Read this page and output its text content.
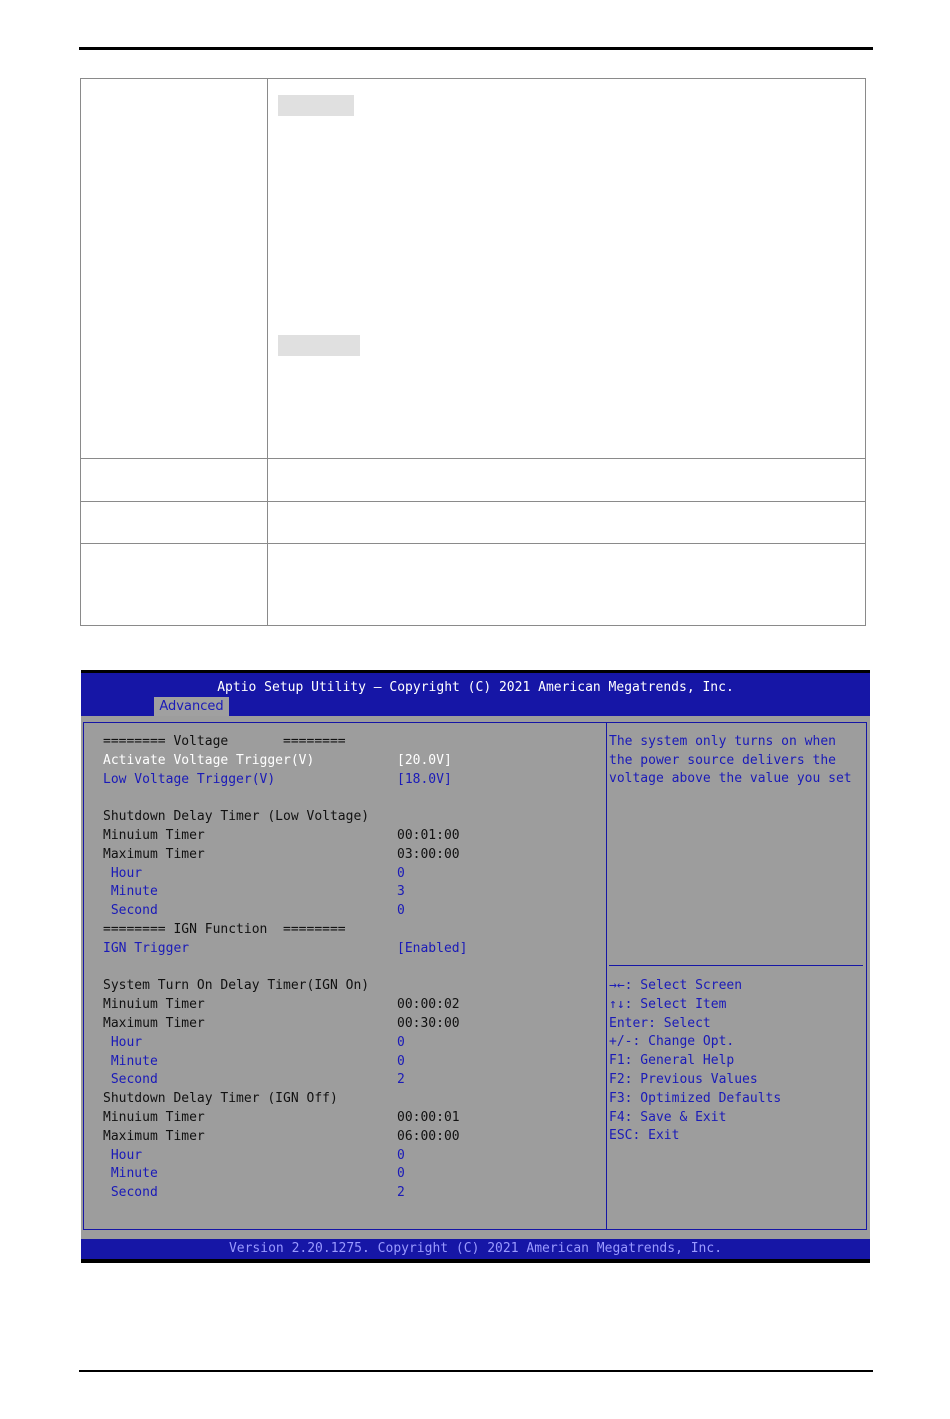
Aptio Setup Utility – Copyright (C) 2021 American Megatrends, Inc.
Advanced
======== Voltage       ========
Activate Voltage Trigger(V)	[20.0V]
Low Voltage Trigger(V)	[18.0V]
Shutdown Delay Timer (Low Voltage)
Minuium Timer	00:01:00
Maximum Timer	03:00:00
Hour	0
Minute	3
Second	0
======== IGN Function  ========
IGN Trigger	[Enabled]
System Turn On Delay Timer(IGN On)
Minuium Timer	00:00:02
Maximum Timer	00:30:00
Hour	0
Minute	0
Second	2
Shutdown Delay Timer (IGN Off)
Minuium Timer	00:00:01
Maximum Timer	06:00:00
Hour	0
Minute	0
Second	2
The system only turns on when
the power source delivers the
voltage above the value you set
→←: Select Screen
↑↓: Select Item
Enter: Select
+/-: Change Opt.
F1: General Help
F2: Previous Values
F3: Optimized Defaults
F4: Save & Exit
ESC: Exit
Version 2.20.1275. Copyright (C) 2021 American Megatrends, Inc.
